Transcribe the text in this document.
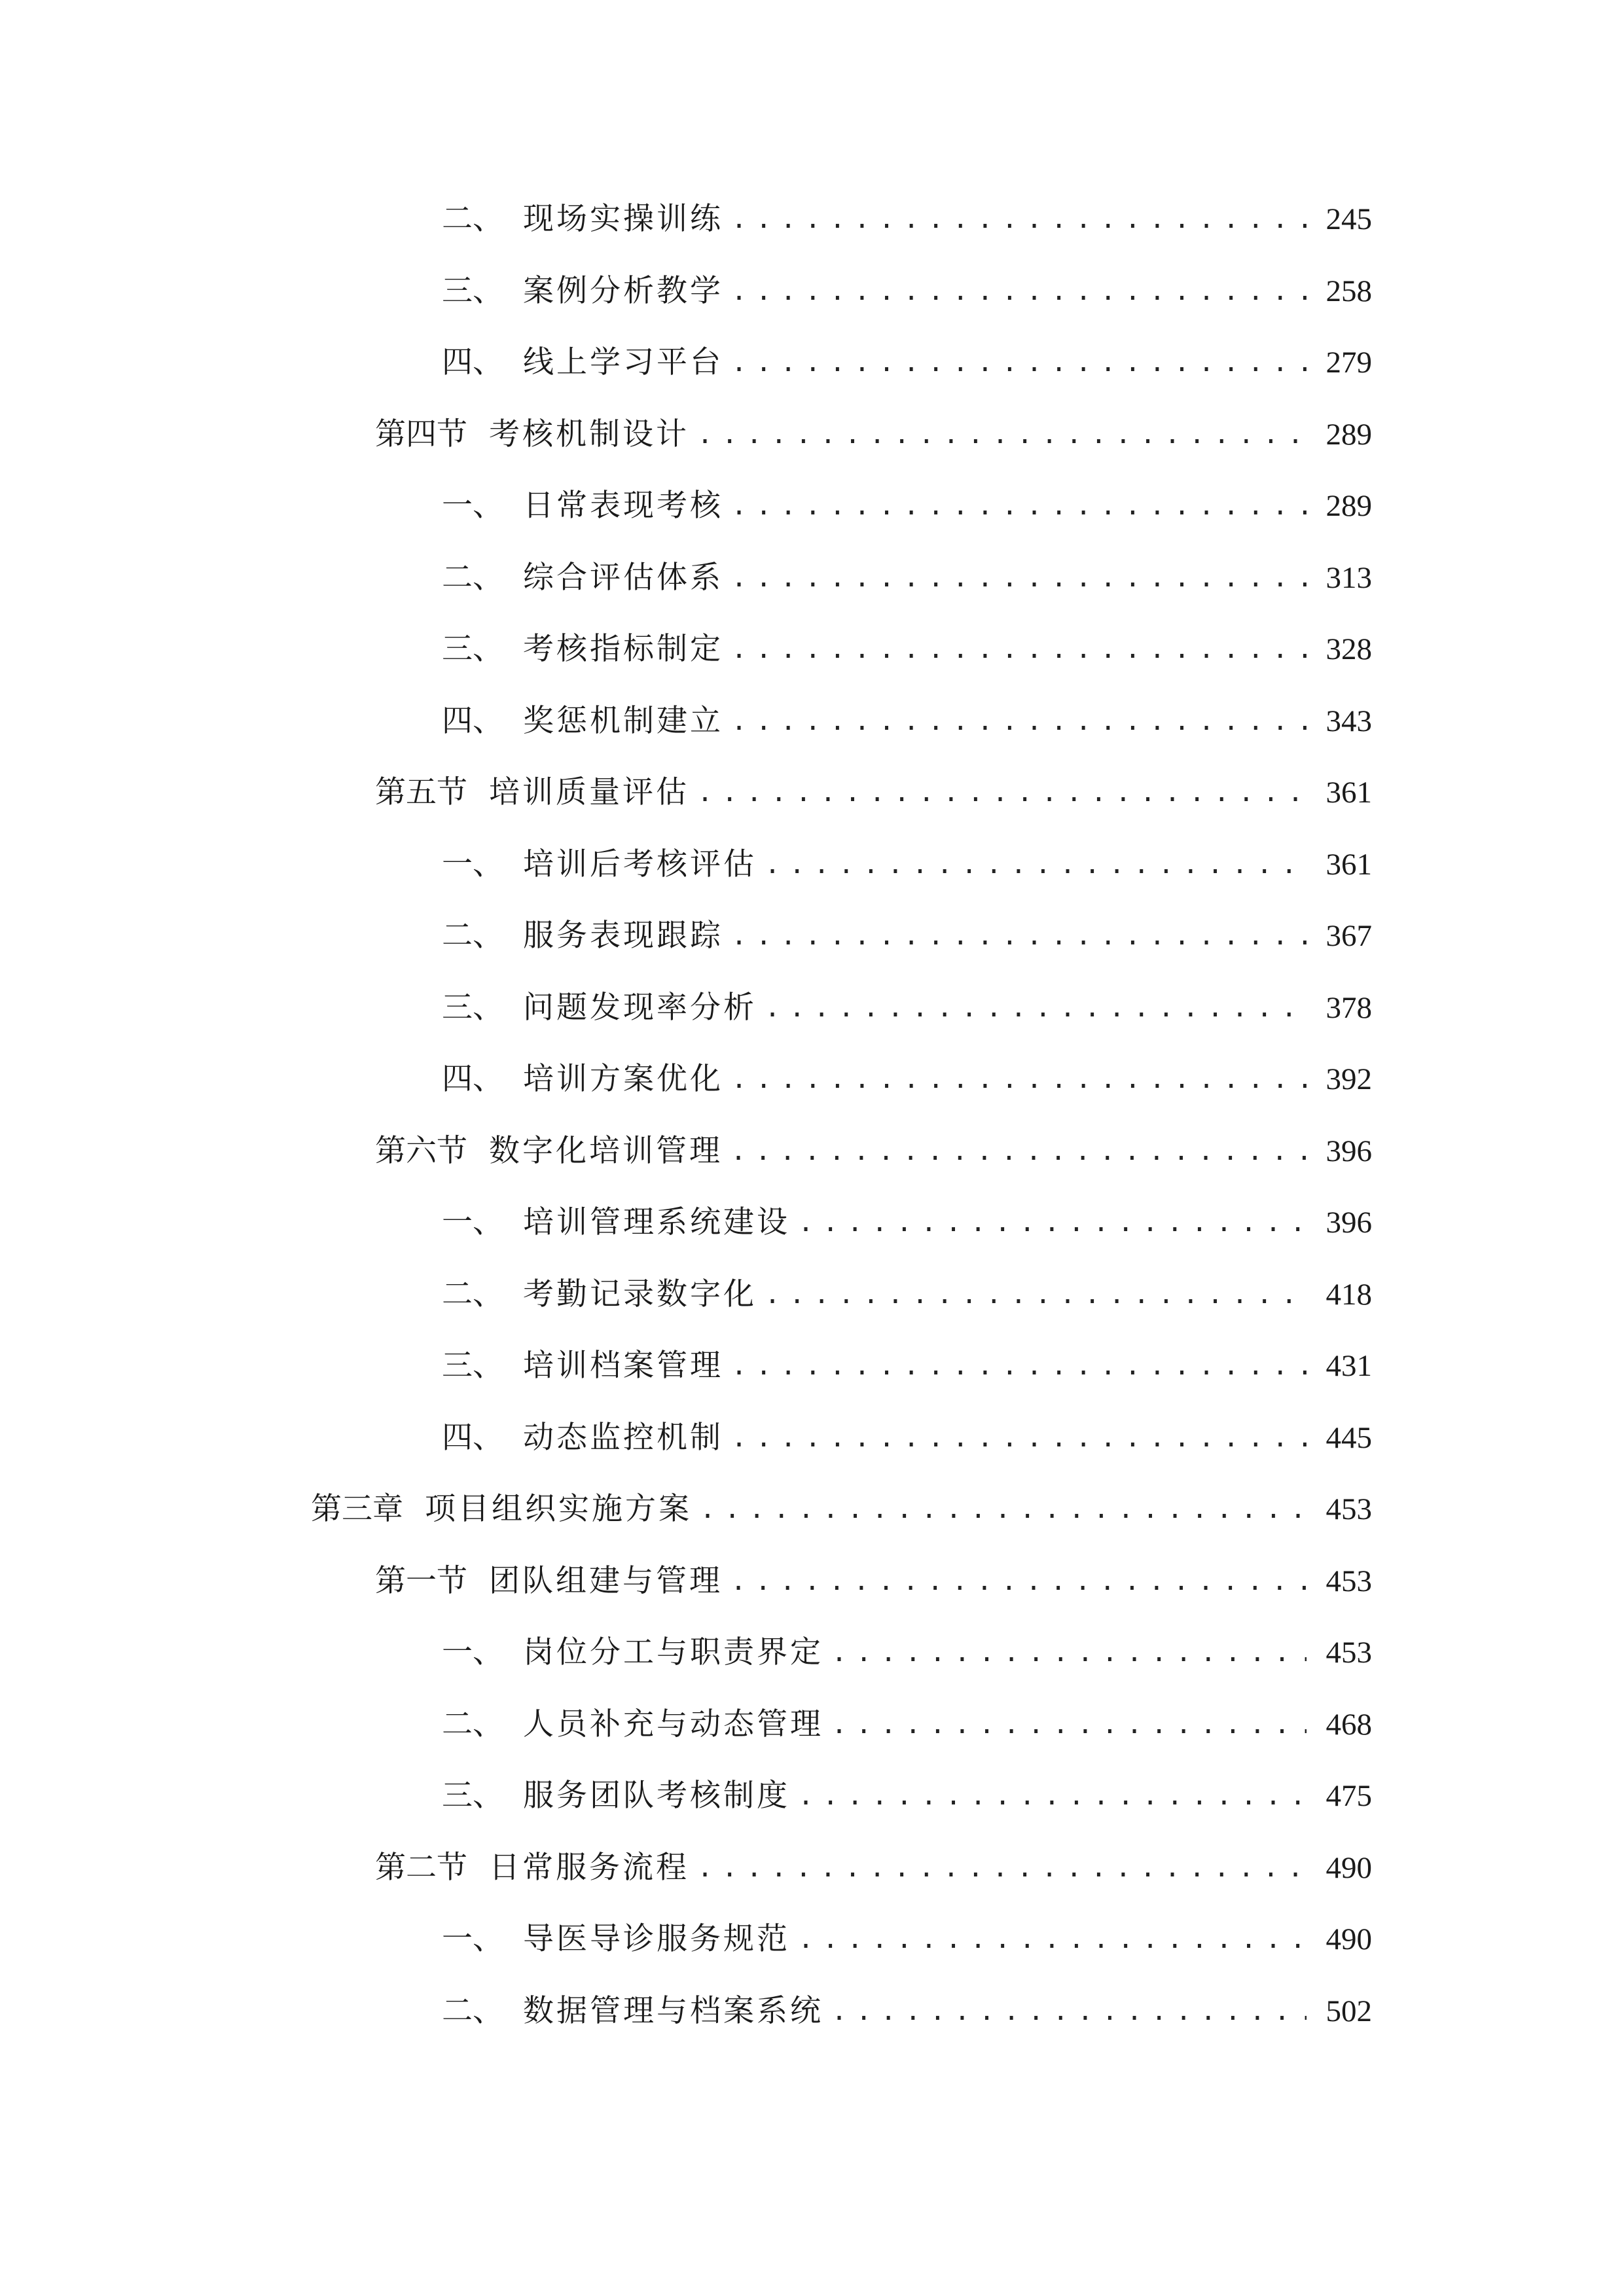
二、 现场实操训练 .....	245
三、 案例分析教学 .....	258
四、 线上学习平台 .....	279
第四节 考核机制设计 .....	289
一、 日常表现考核 .....	289
二、 综合评估体系 .....	313
三、 考核指标制定 .....	328
四、 奖惩机制建立 .....	343
第五节 培训质量评估 .....	361
一、 培训后考核评估 .....	361
二、 服务表现跟踪 .....	367
三、 问题发现率分析 .....	378
四、 培训方案优化 .....	392
第六节 数字化培训管理 .....	396
一、 培训管理系统建设 .....	396
二、 考勤记录数字化 .....	418
三、 培训档案管理 .....	431
四、 动态监控机制 .....	445
第三章 项目组织实施方案 .....	453
第一节 团队组建与管理 .....	453
一、 岗位分工与职责界定 .....	453
二、 人员补充与动态管理 .....	468
三、 服务团队考核制度 .....	475
第二节 日常服务流程 .....	490
一、 导医导诊服务规范 .....	490
二、 数据管理与档案系统 .....	502
